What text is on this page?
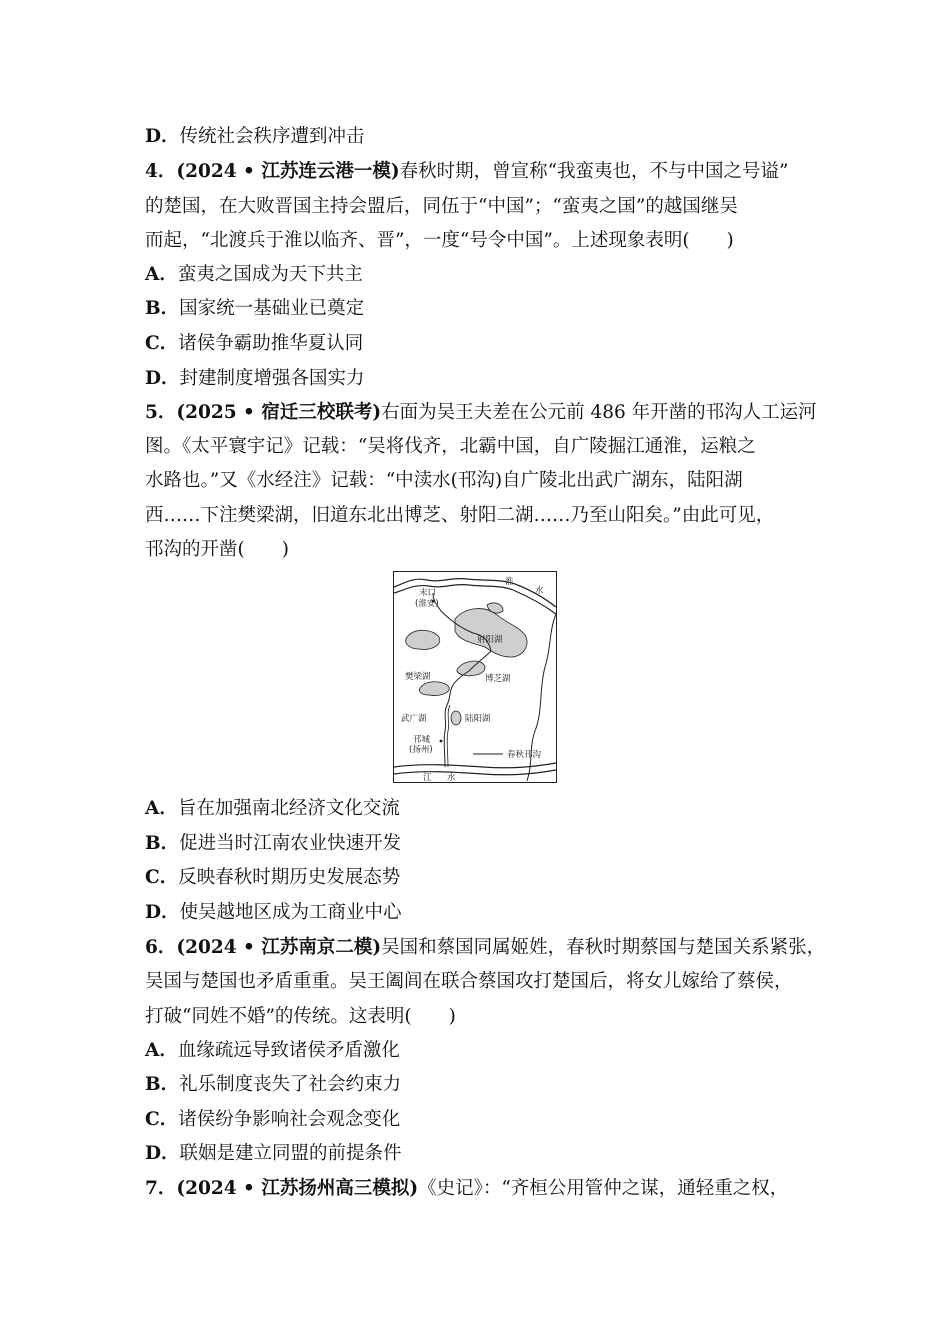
D．传统社会秩序遭到冲击
4．(2024 • 江苏连云港一模)春秋时期，曾宣称“我蛮夷也，不与中国之号谥”
的楚国，在大败晋国主持会盟后，同伍于“中国”；“蛮夷之国”的越国继吴
而起，“北渡兵于淮以临齐、晋”，一度“号令中国”。上述现象表明(　　)
A．蛮夷之国成为天下共主
B．国家统一基础业已奠定
C．诸侯争霸助推华夏认同
D．封建制度增强各国实力
5．(2025 • 宿迁三校联考)右面为吴王夫差在公元前 486 年开凿的邗沟人工运河
图。《太平寰宇记》记载：“吴将伐齐，北霸中国，自广陵掘江通淮，运粮之
水路也。”又《水经注》记载：“中渎水(邗沟)自广陵北出武广湖东，陆阳湖
西……下注樊梁湖，旧道东北出博芝、射阳二湖……乃至山阳矣。”由此可见，
邗沟的开凿(　　)
淮
水
末口
(淮安)
射阳湖
樊梁湖	博芝湖
武广湖	陆阳湖
邗城
(扬州)	春秋邗沟
江 水
A．旨在加强南北经济文化交流
B．促进当时江南农业快速开发
C．反映春秋时期历史发展态势
D．使吴越地区成为工商业中心
6．(2024 • 江苏南京二模)吴国和蔡国同属姬姓，春秋时期蔡国与楚国关系紧张，
吴国与楚国也矛盾重重。吴王阖闾在联合蔡国攻打楚国后，将女儿嫁给了蔡侯，
打破“同姓不婚”的传统。这表明(　　)
A．血缘疏远导致诸侯矛盾激化
B．礼乐制度丧失了社会约束力
C．诸侯纷争影响社会观念变化
D．联姻是建立同盟的前提条件
7．(2024 • 江苏扬州高三模拟)《史记》：“齐桓公用管仲之谋，通轻重之权，
